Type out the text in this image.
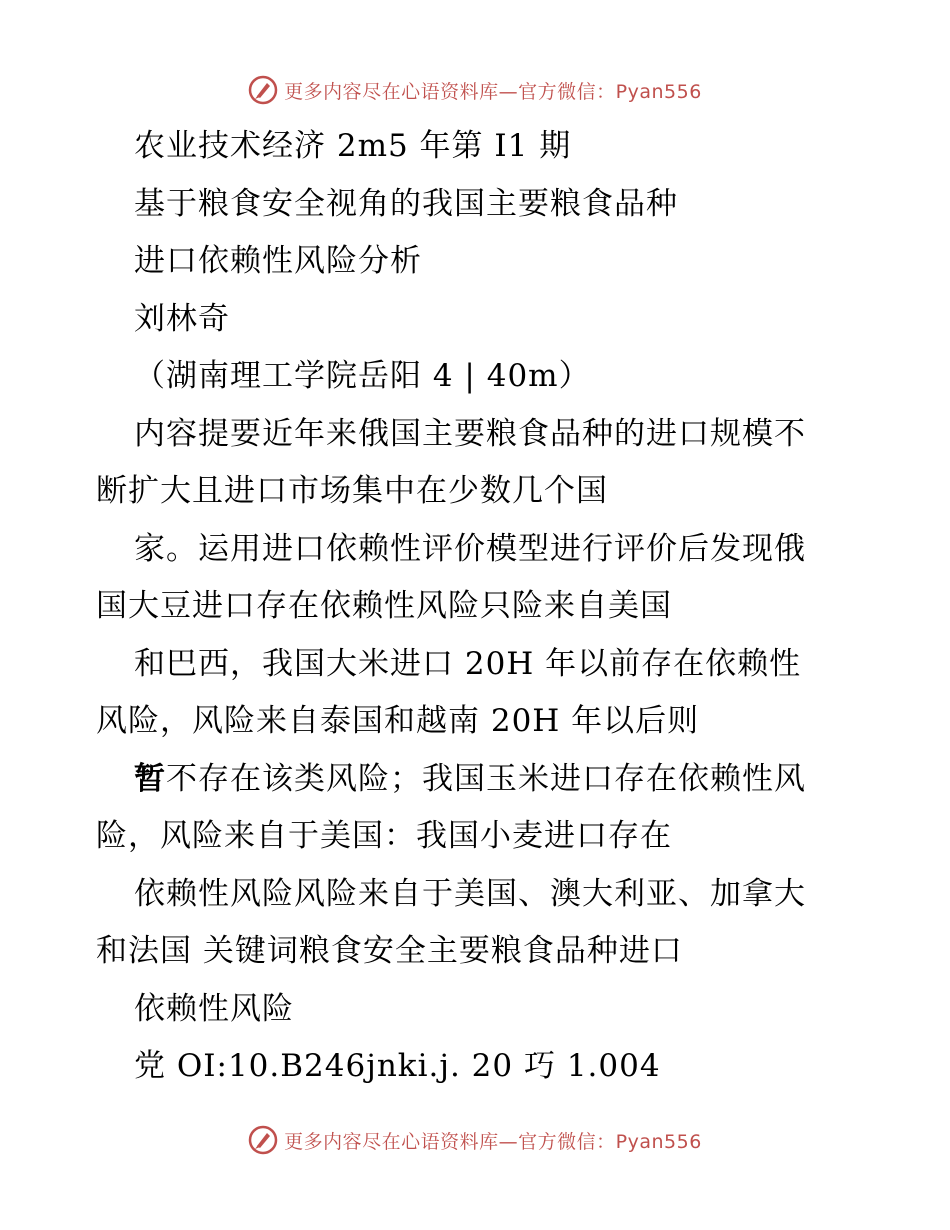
更多内容尽在心语资料库—官方微信：Pyan556
农业技术经济 2m5 年第 I1 期
基于粮食安全视角的我国主要粮食品种
进口依赖性风险分析
刘林奇
（湖南理工学院岳阳 4 | 40m）
内容提要近年来俄国主要粮食品种的进口规模不
断扩大且进口市场集中在少数几个国
家。运用进口依赖性评价模型进行评价后发现俄
国大豆进口存在依赖性风险只险来自美国
和巴西，我国大米进口 20H 年以前存在依赖性
风险，风险来自泰国和越南 20H 年以后则
暂不存在该类风险；我国玉米进口存在依赖性风
险，风险来自于美国：我国小麦进口存在
依赖性风险风险来自于美国、澳大利亚、加拿大
和法国 关键词粮食安全主要粮食品种进口
依赖性风险
党 OI:10.B246jnki.j. 20 巧 1.004
更多内容尽在心语资料库—官方微信：Pyan556
